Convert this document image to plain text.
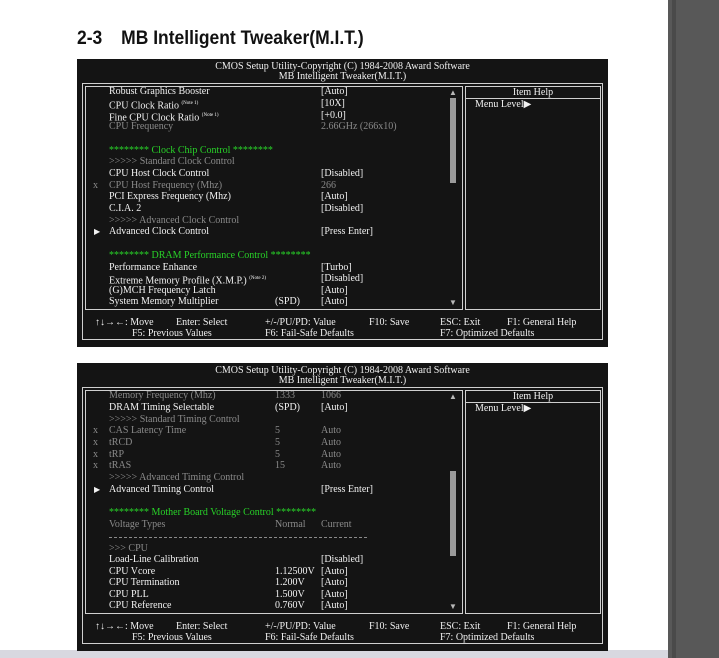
2-3 MB Intelligent Tweaker(M.I.T.)
CMOS Setup Utility-Copyright (C) 1984-2008 Award Software
MB Intelligent Tweaker(M.I.T.)
Item Help
Menu Level▶
▲
▼
Robust Graphics Booster	[Auto]
CPU Clock Ratio $^{(Note 1)}$	[10X]
Fine CPU Clock Ratio $^{(Note 1)}$	[+0.0]
CPU Frequency	2.66GHz (266x10)
******** Clock Chip Control ********
>>>>> Standard Clock Control
CPU Host Clock Control	[Disabled]
x CPU Host Frequency (Mhz)	266
PCI Express Frequency (Mhz)	[Auto]
C.I.A. 2	[Disabled]
>>>>> Advanced Clock Control
▶ Advanced Clock Control	[Press Enter]
******** DRAM Performance Control ********
Performance Enhance	[Turbo]
Extreme Memory Profile (X.M.P.) $^{(Note 2)}$	[Disabled]
(G)MCH Frequency Latch	[Auto]
System Memory Multiplier	(SPD) [Auto]
↑↓→←: Move Enter: Select	+/-/PU/PD: Value	F10: Save	ESC: Exit	F1: General Help
F5: Previous Values	F6: Fail-Safe Defaults	F7: Optimized Defaults
CMOS Setup Utility-Copyright (C) 1984-2008 Award Software
MB Intelligent Tweaker(M.I.T.)
Item Help
Menu Level▶
▲
▼
Memory Frequency (Mhz)	1333	1066
DRAM Timing Selectable	(SPD) [Auto]
>>>>> Standard Timing Control
x CAS Latency Time	5	Auto
x tRCD	5	Auto
x tRP	5	Auto
x tRAS	15	Auto
>>>>> Advanced Timing Control
▶ Advanced Timing Control	[Press Enter]
******** Mother Board Voltage Control ********
Voltage Types	Normal Current
>>> CPU
Load-Line Calibration	[Disabled]
CPU Vcore	1.12500V [Auto]
CPU Termination	1.200V [Auto]
CPU PLL	1.500V [Auto]
CPU Reference	0.760V [Auto]
↑↓→←: Move Enter: Select	+/-/PU/PD: Value	F10: Save	ESC: Exit	F1: General Help
F5: Previous Values	F6: Fail-Safe Defaults	F7: Optimized Defaults
